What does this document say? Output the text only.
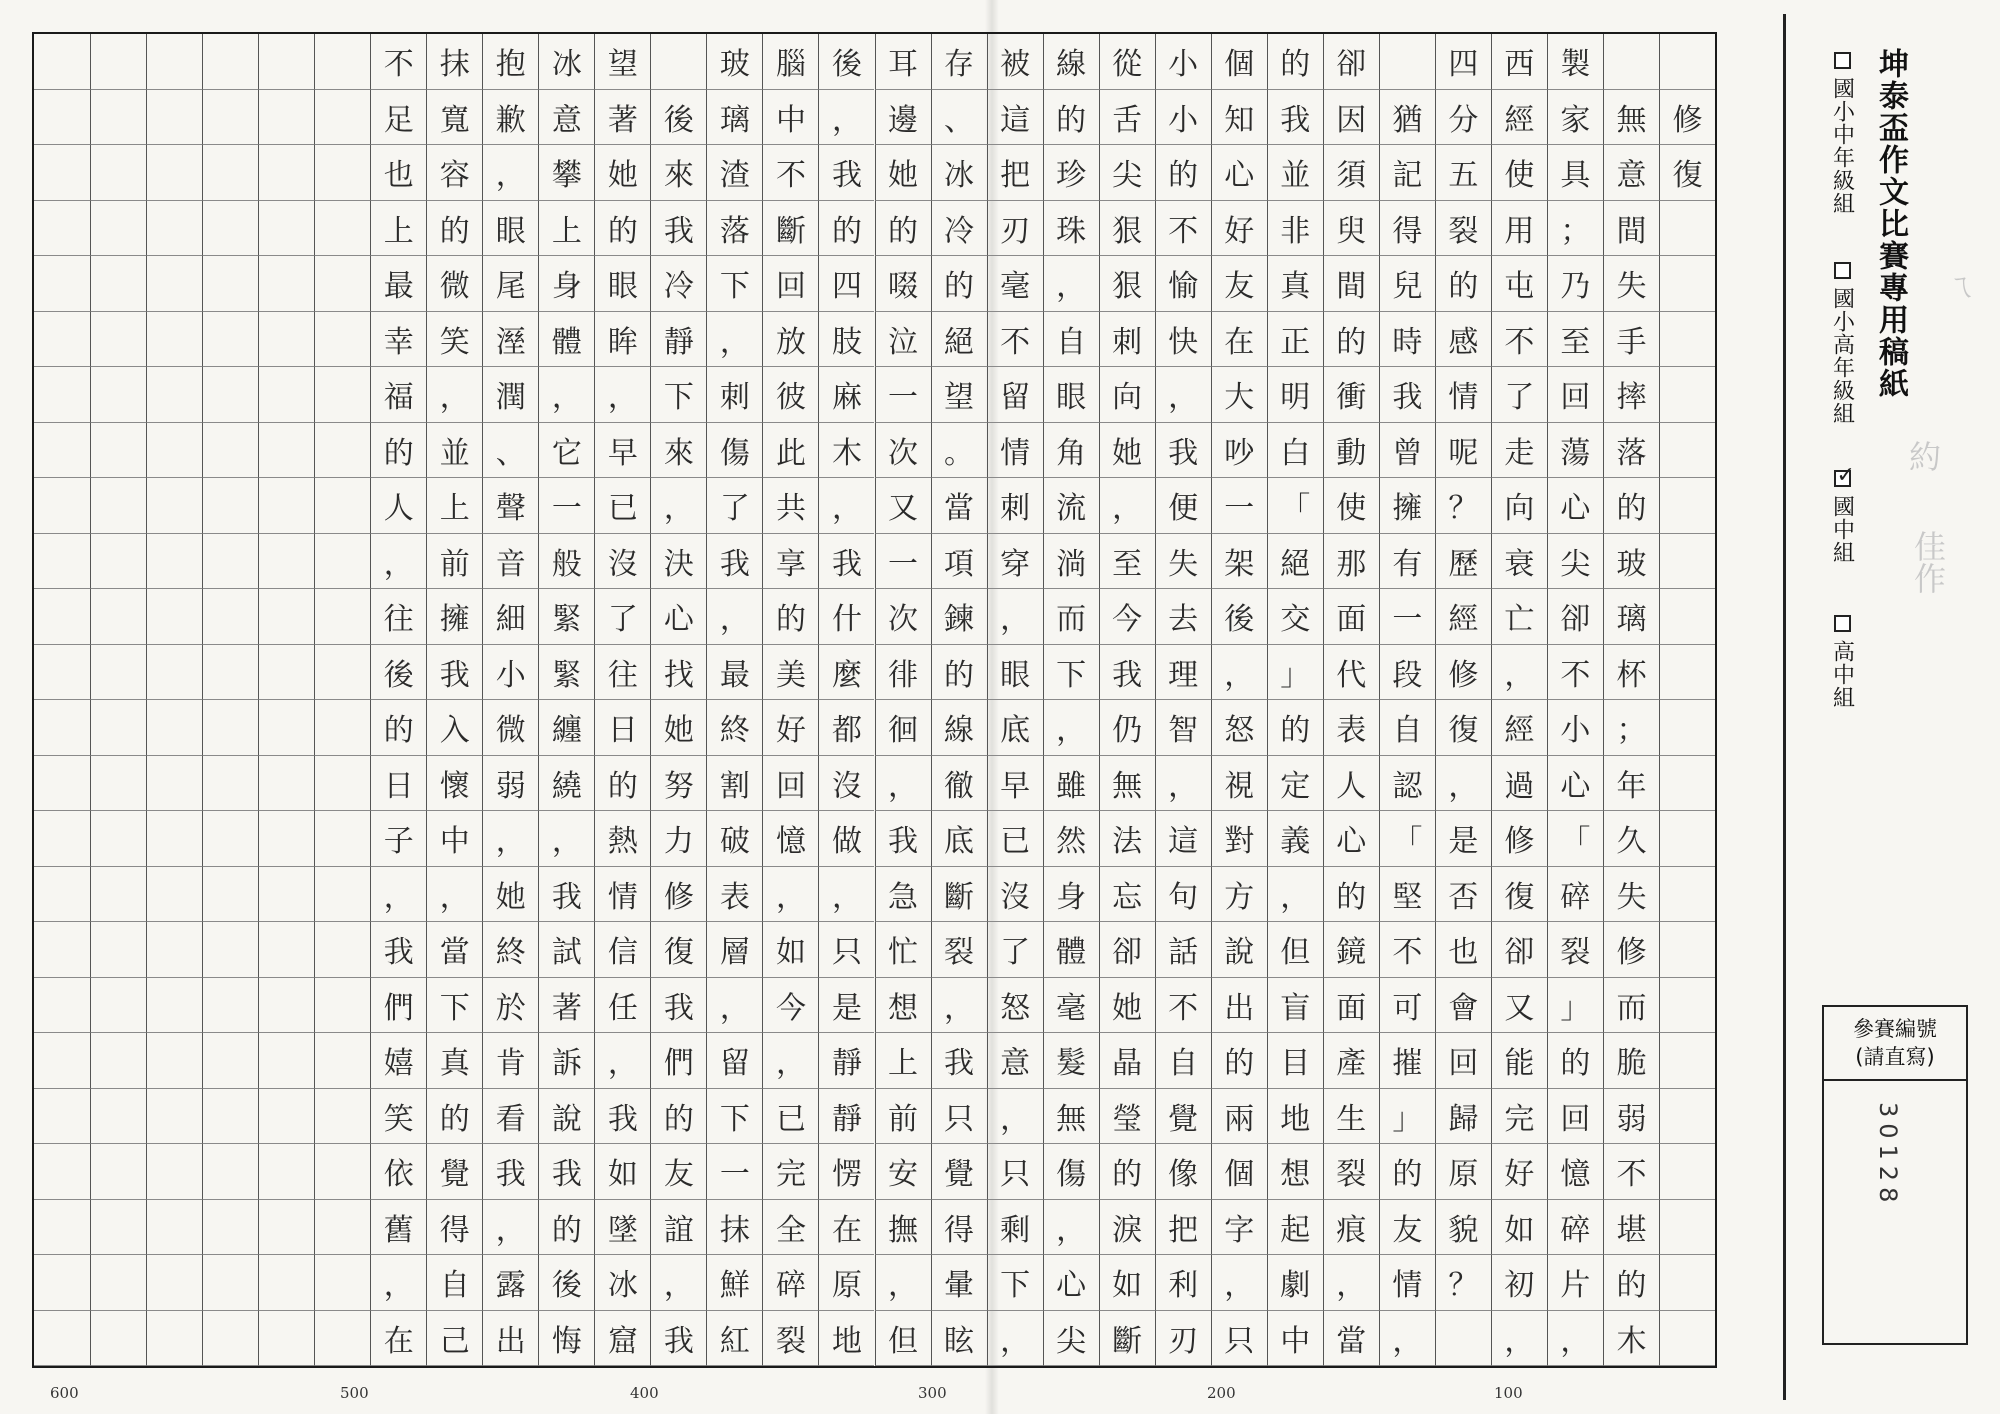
不
足
也
上
最
幸
福
的
人
，
往
後
的
日
子
，
我
們
嬉
笑
依
舊
，
在
抹
寬
容
的
微
笑
，
並
上
前
擁
我
入
懷
中
，
當
下
真
的
覺
得
自
己
抱
歉
，
眼
尾
溼
潤
、
聲
音
細
小
微
弱
，
她
終
於
肯
看
我
，
露
出
冰
意
攀
上
身
體
，
它
一
般
緊
緊
纏
繞
，
我
試
著
訴
說
我
的
後
悔
望
著
她
的
眼
眸
，
早
已
沒
了
往
日
的
熱
情
信
任
，
我
如
墜
冰
窟
後
來
我
冷
靜
下
來
，
決
心
找
她
努
力
修
復
我
們
的
友
誼
，
我
玻
璃
渣
落
下
，
刺
傷
了
我
，
最
終
割
破
表
層
，
留
下
一
抹
鮮
紅
腦
中
不
斷
回
放
彼
此
共
享
的
美
好
回
憶
，
如
今
，
已
完
全
碎
裂
後
，
我
的
四
肢
麻
木
，
我
什
麼
都
沒
做
，
只
是
靜
靜
愣
在
原
地
耳
邊
她
的
啜
泣
一
次
又
一
次
徘
徊
，
我
急
忙
想
上
前
安
撫
，
但
存
、
冰
冷
的
絕
望
。
當
項
鍊
的
線
徹
底
斷
裂
，
我
只
覺
得
暈
眩
被
這
把
刃
毫
不
留
情
刺
穿
，
眼
底
早
已
沒
了
怒
意
，
只
剩
下
，
線
的
珍
珠
，
自
眼
角
流
淌
而
下
，
雖
然
身
體
毫
髮
無
傷
，
心
尖
從
舌
尖
狠
狠
刺
向
她
，
至
今
我
仍
無
法
忘
卻
她
晶
瑩
的
淚
如
斷
小
小
的
不
愉
快
，
我
便
失
去
理
智
，
這
句
話
不
自
覺
像
把
利
刃
個
知
心
好
友
在
大
吵
一
架
後
，
怒
視
對
方
說
出
的
兩
個
字
，
只
的
我
並
非
真
正
明
白
「
絕
交
」
的
定
義
，
但
盲
目
地
想
起
劇
中
卻
因
須
臾
間
的
衝
動
使
那
面
代
表
人
心
的
鏡
面
產
生
裂
痕
，
當
猶
記
得
兒
時
我
曾
擁
有
一
段
自
認
「
堅
不
可
摧
」
的
友
情
，
四
分
五
裂
的
感
情
呢
？
歷
經
修
復
，
是
否
也
會
回
歸
原
貌
？
西
經
使
用
屯
不
了
走
向
衰
亡
，
經
過
修
復
卻
又
能
完
好
如
初
，
製
家
具
；
乃
至
回
蕩
心
尖
卻
不
小
心
「
碎
裂
」
的
回
憶
碎
片
，
無
意
間
失
手
摔
落
的
玻
璃
杯
；
年
久
失
修
而
脆
弱
不
堪
的
木
修
復
100
200
300
400
500
600
坤泰盃作文比賽專用稿紙
國小中年級組
國小高年級組
✓
國中組
高中組
參賽編號
(請直寫)
30128
ㄟ
約
佳作
